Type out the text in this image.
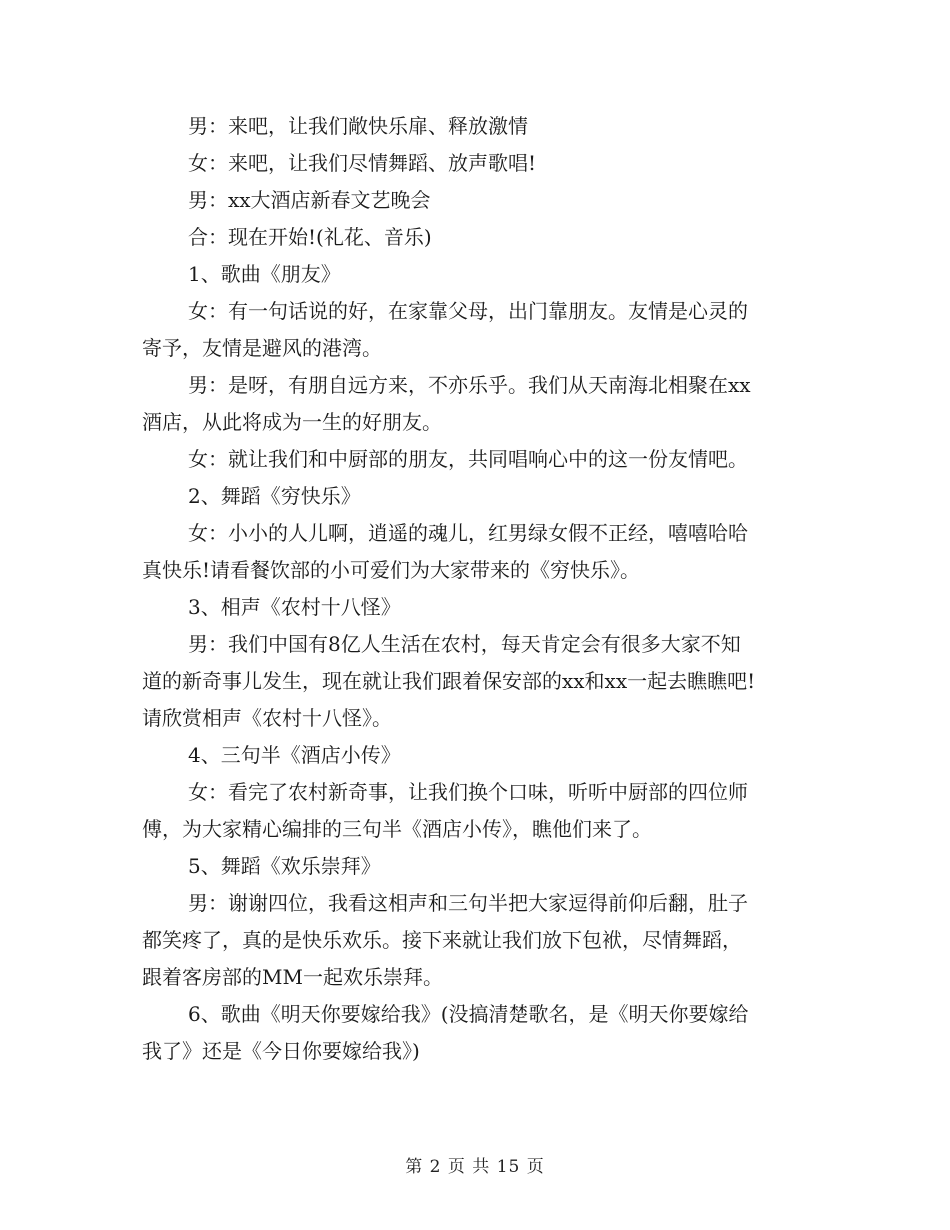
男：来吧，让我们敞快乐扉、释放激情

女：来吧，让我们尽情舞蹈、放声歌唱!

男：xx大酒店新春文艺晚会

合：现在开始!(礼花、音乐)

1、歌曲《朋友》

女：有一句话说的好，在家靠父母，出门靠朋友。友情是心灵的
寄予，友情是避风的港湾。

男：是呀，有朋自远方来，不亦乐乎。我们从天南海北相聚在xx
酒店，从此将成为一生的好朋友。

女：就让我们和中厨部的朋友，共同唱响心中的这一份友情吧。

2、舞蹈《穷快乐》

女：小小的人儿啊，逍遥的魂儿，红男绿女假不正经，嘻嘻哈哈
真快乐!请看餐饮部的小可爱们为大家带来的《穷快乐》。

3、相声《农村十八怪》

男：我们中国有8亿人生活在农村，每天肯定会有很多大家不知
道的新奇事儿发生，现在就让我们跟着保安部的xx和xx一起去瞧瞧吧!
请欣赏相声《农村十八怪》。

4、三句半《酒店小传》

女：看完了农村新奇事，让我们换个口味，听听中厨部的四位师
傅，为大家精心编排的三句半《酒店小传》，瞧他们来了。

5、舞蹈《欢乐崇拜》

男：谢谢四位，我看这相声和三句半把大家逗得前仰后翻，肚子
都笑疼了，真的是快乐欢乐。接下来就让我们放下包袱，尽情舞蹈，
跟着客房部的MM一起欢乐崇拜。

6、歌曲《明天你要嫁给我》(没搞清楚歌名，是《明天你要嫁给
我了》还是《今日你要嫁给我》)

第 2 页 共 15 页
